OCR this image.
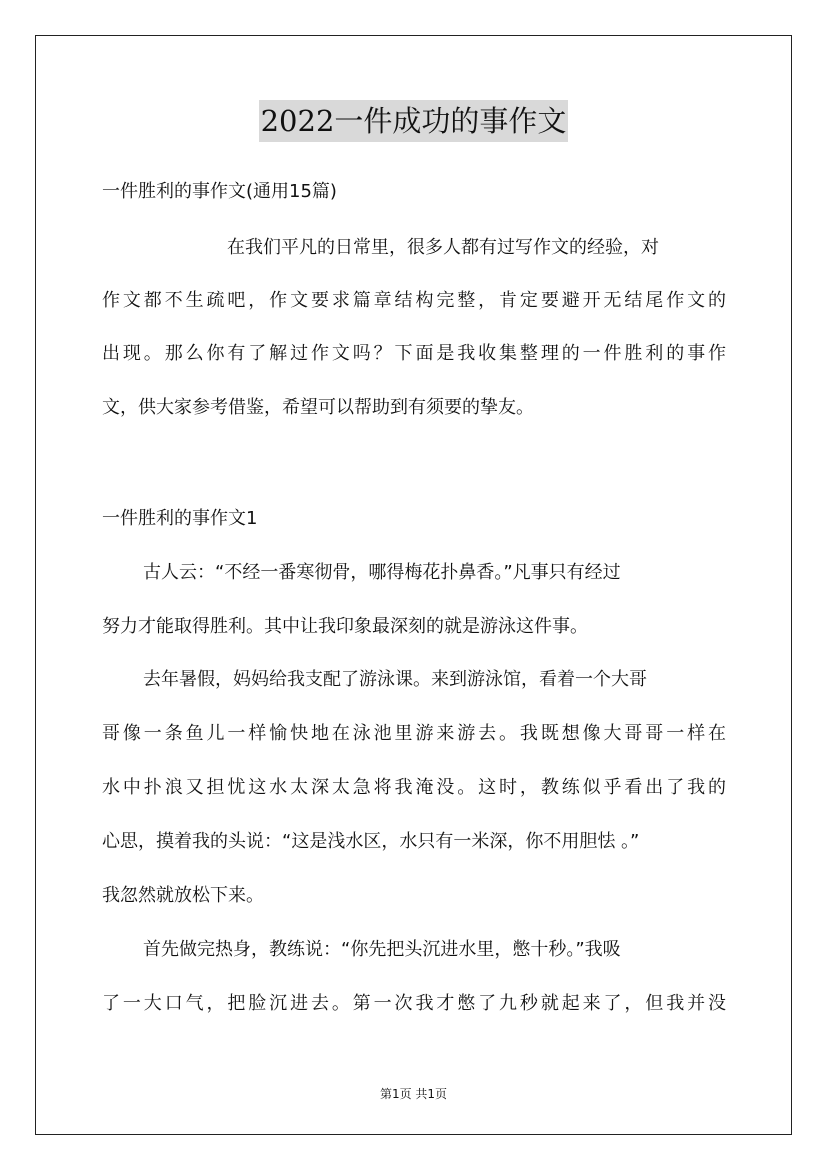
2022一件成功的事作文
一件胜利的事作文(通用15篇)
在我们平凡的日常里，很多人都有过写作文的经验，对
作文都不生疏吧，作文要求篇章结构完整，肯定要避开无结尾作文的
出现。那么你有了解过作文吗？下面是我收集整理的一件胜利的事作
文，供大家参考借鉴，希望可以帮助到有须要的挚友。
一件胜利的事作文1
古人云：“不经一番寒彻骨，哪得梅花扑鼻香。”凡事只有经过
努力才能取得胜利。其中让我印象最深刻的就是游泳这件事。
去年暑假，妈妈给我支配了游泳课。来到游泳馆，看着一个大哥
哥像一条鱼儿一样愉快地在泳池里游来游去。我既想像大哥哥一样在
水中扑浪又担忧这水太深太急将我淹没。这时，教练似乎看出了我的
心思，摸着我的头说：“这是浅水区，水只有一米深，你不用胆怯 。”
我忽然就放松下来。
首先做完热身，教练说：“你先把头沉进水里，憋十秒。”我吸
了一大口气，把脸沉进去。第一次我才憋了九秒就起来了，但我并没
第1页 共1页
